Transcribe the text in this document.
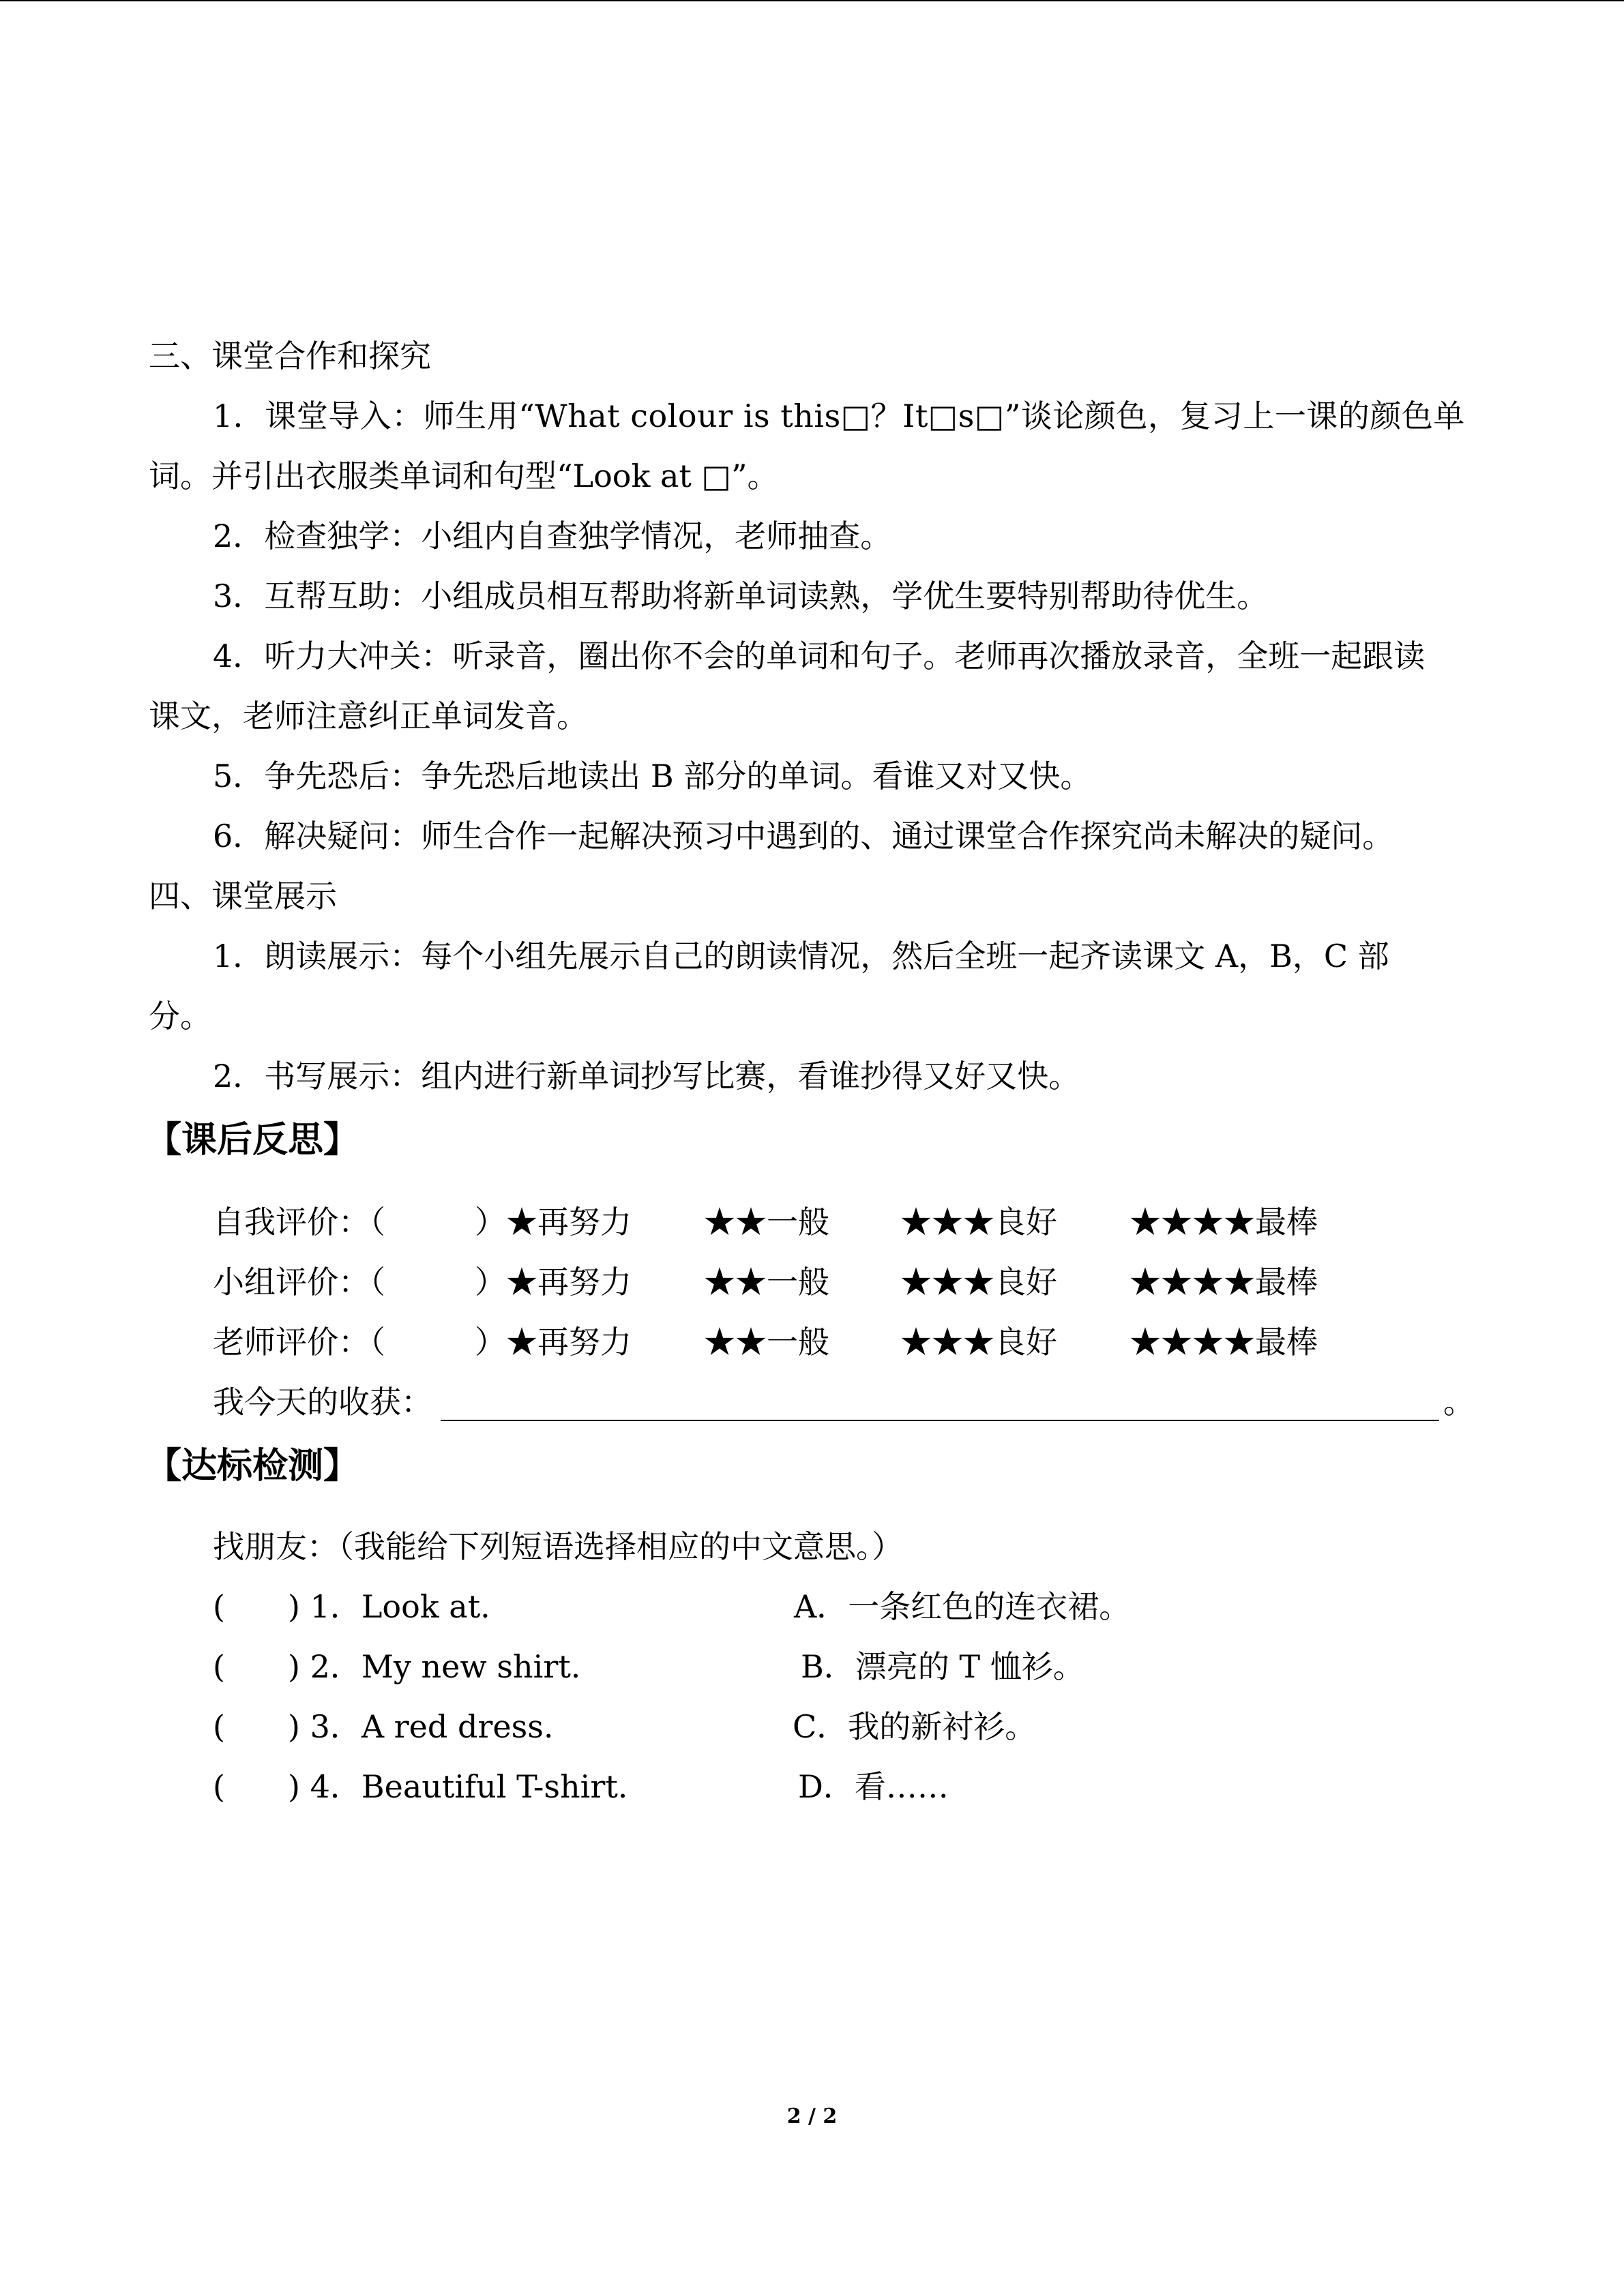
三、课堂合作和探究
1．课堂导入：师生用“What colour is this□？It□s□”谈论颜色，复习上一课的颜色单
词。并引出衣服类单词和句型“Look at □”。
2．检查独学：小组内自查独学情况，老师抽查。
3．互帮互助：小组成员相互帮助将新单词读熟，学优生要特别帮助待优生。
4．听力大冲关：听录音，圈出你不会的单词和句子。老师再次播放录音，全班一起跟读
课文，老师注意纠正单词发音。
5．争先恐后：争先恐后地读出 B 部分的单词。看谁又对又快。
6．解决疑问：师生合作一起解决预习中遇到的、通过课堂合作探究尚未解决的疑问。
四、课堂展示
1．朗读展示：每个小组先展示自己的朗读情况，然后全班一起齐读课文 A，B，C 部
分。
2．书写展示：组内进行新单词抄写比赛，看谁抄得又好又快。
【课后反思】
自我评价：（	）★再努力 ★★一般 ★★★良好 ★★★★最棒
小组评价：（	）★再努力 ★★一般 ★★★良好 ★★★★最棒
老师评价：（	）★再努力 ★★一般 ★★★良好 ★★★★最棒
我今天的收获：	。
【达标检测】
找朋友：（我能给下列短语选择相应的中文意思。）
( ) 1．Look at.	A．一条红色的连衣裙。
( ) 2．My new shirt.	B．漂亮的 T 恤衫。
( ) 3．A red dress.	C．我的新衬衫。
( ) 4．Beautiful T-shirt.	D．看……
2 / 2
